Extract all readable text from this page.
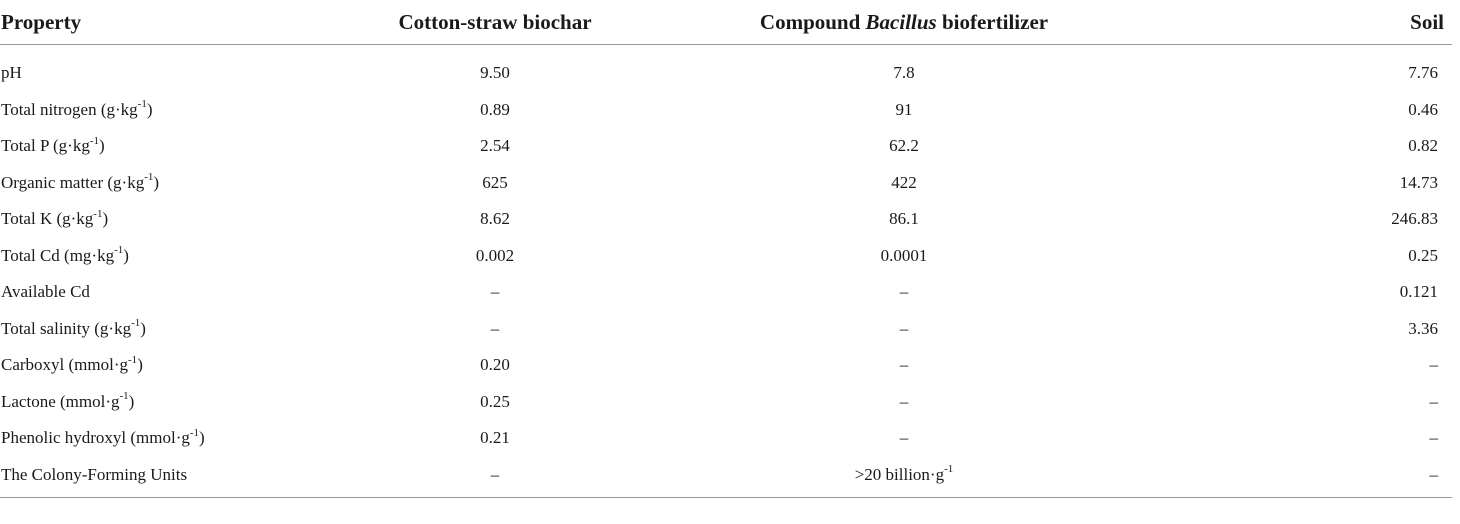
Property	Cotton-straw biochar	Compound Bacillus biofertilizer	Soil
pH	9.50	7.8	7.76
Total nitrogen $(g\cdot kg^{-1})$	0.89	91	0.46
Total P $(g\cdot kg^{-1})$	2.54	62.2	0.82
Organic matter $(g\cdot kg^{-1})$	625	422	14.73
Total K $(g\cdot kg^{-1})$	8.62	86.1	246.83
Total Cd $(mg\cdot kg^{-1})$	0.002	0.0001	0.25
Available Cd	–	–	0.121
Total salinity $(g\cdot kg^{-1})$	–	–	3.36
Carboxyl $(mmol\cdot g^{-1})$	0.20	–	–
Lactone $(mmol\cdot g^{-1})$	0.25	–	–
Phenolic hydroxyl $(mmol\cdot g^{-1})$	0.21	–	–
The Colony-Forming Units	–	>20 $billion\cdot g^{-1}$	–
